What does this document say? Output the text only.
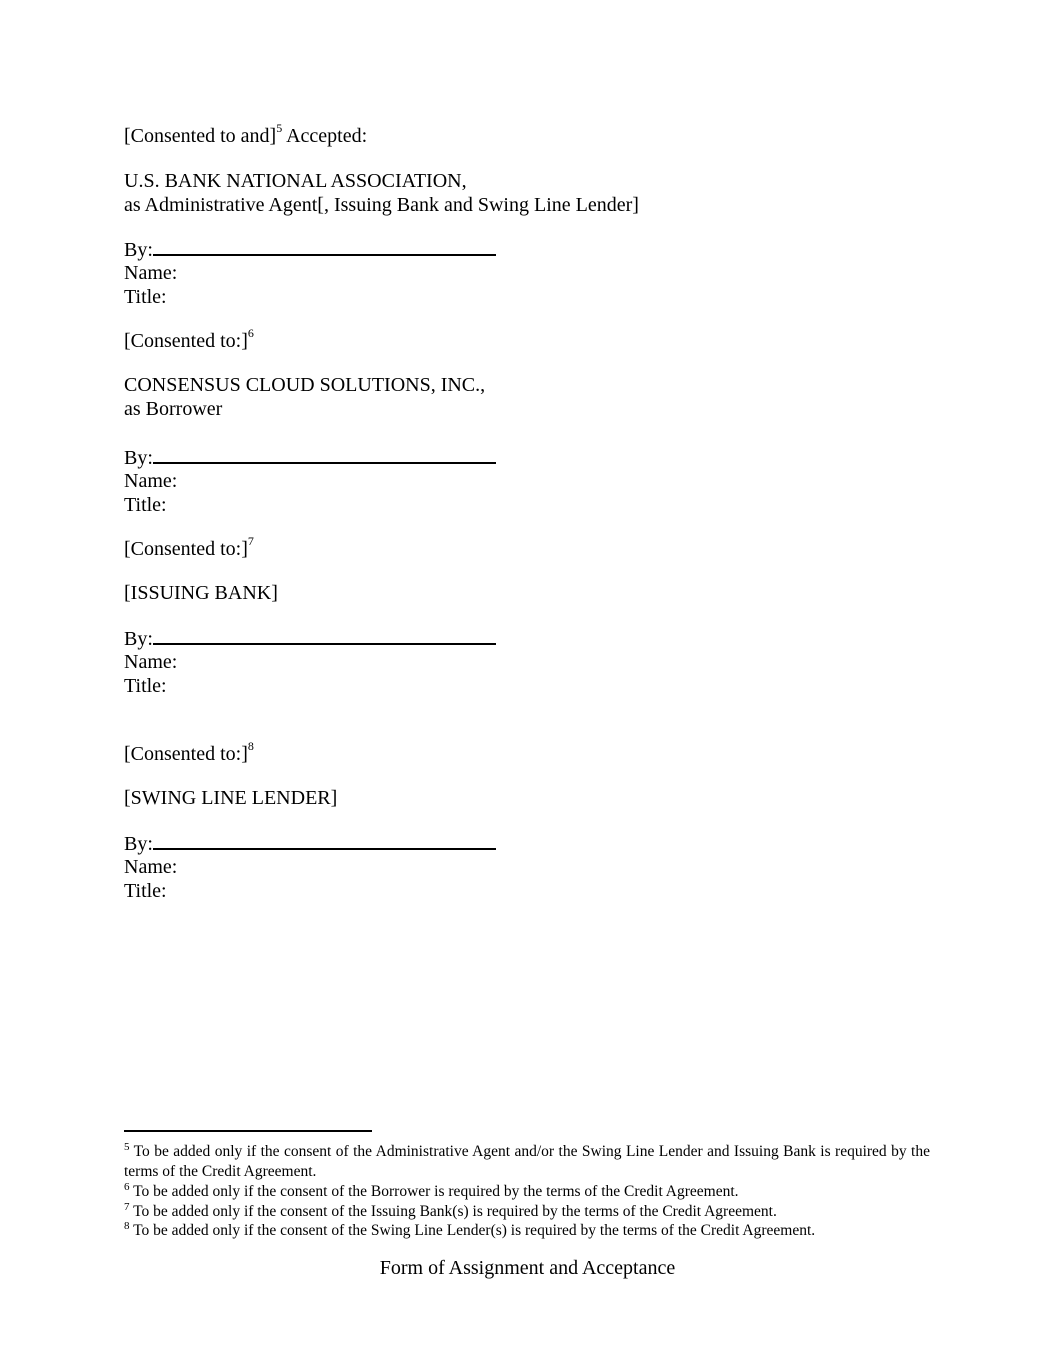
[Consented to and]$^5$ Accepted:
U.S. BANK NATIONAL ASSOCIATION,
as Administrative Agent[, Issuing Bank and Swing Line Lender]
By:
Name:
Title:
[Consented to:]$^6$
CONSENSUS CLOUD SOLUTIONS, INC.,
as Borrower
By:
Name:
Title:
[Consented to:]$^7$
[ISSUING BANK]
By:
Name:
Title:
[Consented to:]$^8$
[SWING LINE LENDER]
By:
Name:
Title:
$^5$ To be added only if the consent of the Administrative Agent and/or the Swing Line Lender and Issuing Bank is required by the terms of the Credit Agreement.
$^6$ To be added only if the consent of the Borrower is required by the terms of the Credit Agreement.
$^7$ To be added only if the consent of the Issuing Bank(s) is required by the terms of the Credit Agreement.
$^8$ To be added only if the consent of the Swing Line Lender(s) is required by the terms of the Credit Agreement.
Form of Assignment and Acceptance
